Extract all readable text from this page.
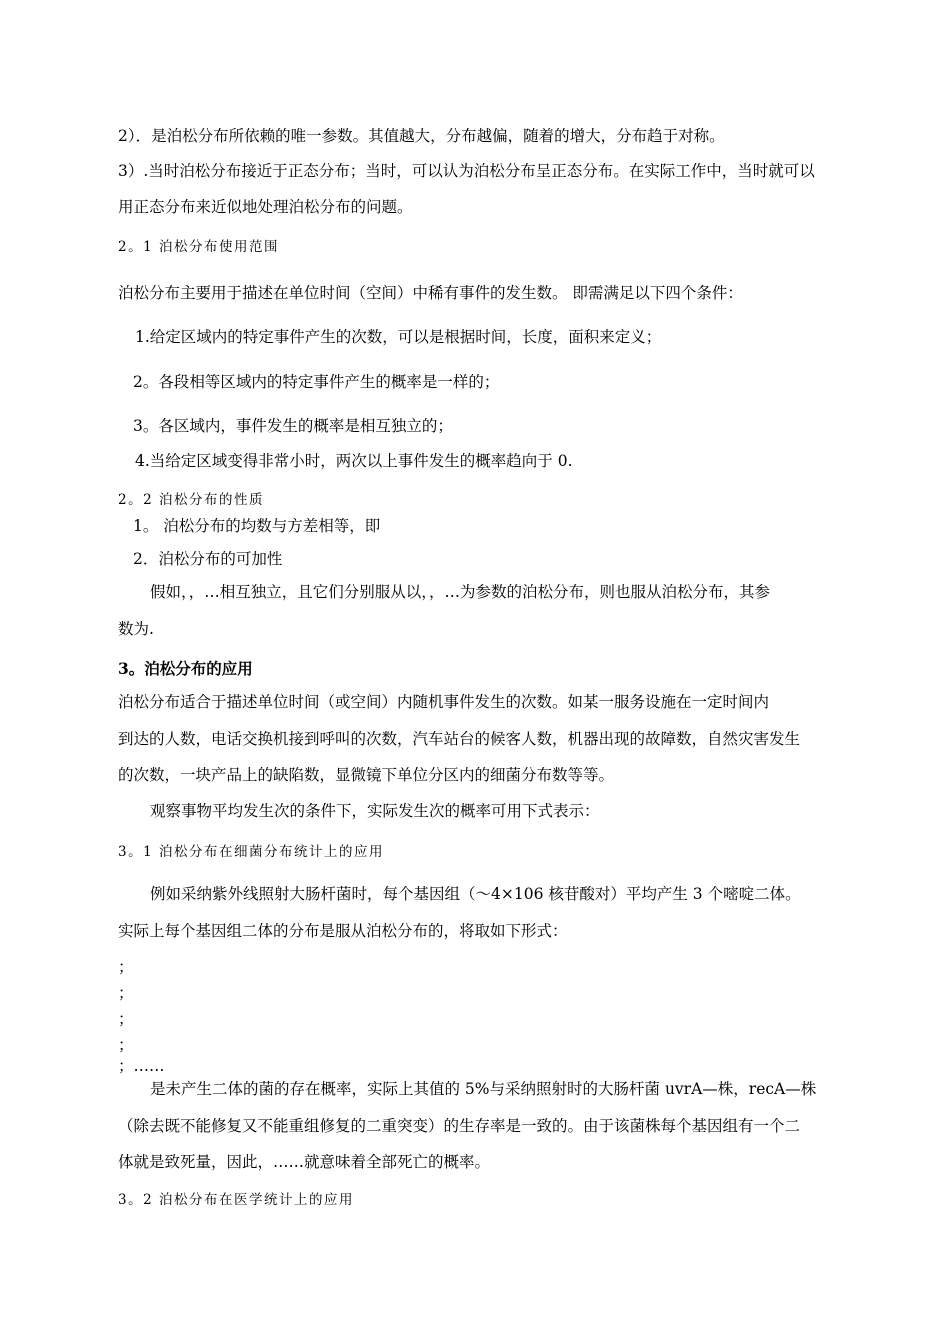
2）．是泊松分布所依赖的唯一参数。其值越大，分布越偏，随着的增大，分布趋于对称。
3）.当时泊松分布接近于正态分布；当时，可以认为泊松分布呈正态分布。在实际工作中，当时就可以
用正态分布来近似地处理泊松分布的问题。
2。1 泊松分布使用范围
泊松分布主要用于描述在单位时间（空间）中稀有事件的发生数。 即需满足以下四个条件：
1.给定区域内的特定事件产生的次数，可以是根据时间，长度，面积来定义；
2。各段相等区域内的特定事件产生的概率是一样的；
3。各区域内，事件发生的概率是相互独立的；
4.当给定区域变得非常小时，两次以上事件发生的概率趋向于 0.
2。2 泊松分布的性质
1。 泊松分布的均数与方差相等，即
2．泊松分布的可加性
假如，，…相互独立，且它们分别服从以，，…为参数的泊松分布，则也服从泊松分布，其参
数为.
3。泊松分布的应用
泊松分布适合于描述单位时间（或空间）内随机事件发生的次数。如某一服务设施在一定时间内
到达的人数，电话交换机接到呼叫的次数，汽车站台的候客人数，机器出现的故障数，自然灾害发生
的次数，一块产品上的缺陷数，显微镜下单位分区内的细菌分布数等等。
观察事物平均发生次的条件下，实际发生次的概率可用下式表示：
3。1 泊松分布在细菌分布统计上的应用
例如采纳紫外线照射大肠杆菌时，每个基因组（～4×106 核苷酸对）平均产生 3 个嘧啶二体。
实际上每个基因组二体的分布是服从泊松分布的，将取如下形式：
；
；
；
；
；……
是未产生二体的菌的存在概率，实际上其值的 5%与采纳照射时的大肠杆菌 uvrA—株，recA—株
（除去既不能修复又不能重组修复的二重突变）的生存率是一致的。由于该菌株每个基因组有一个二
体就是致死量，因此，……就意味着全部死亡的概率。
3。2 泊松分布在医学统计上的应用
